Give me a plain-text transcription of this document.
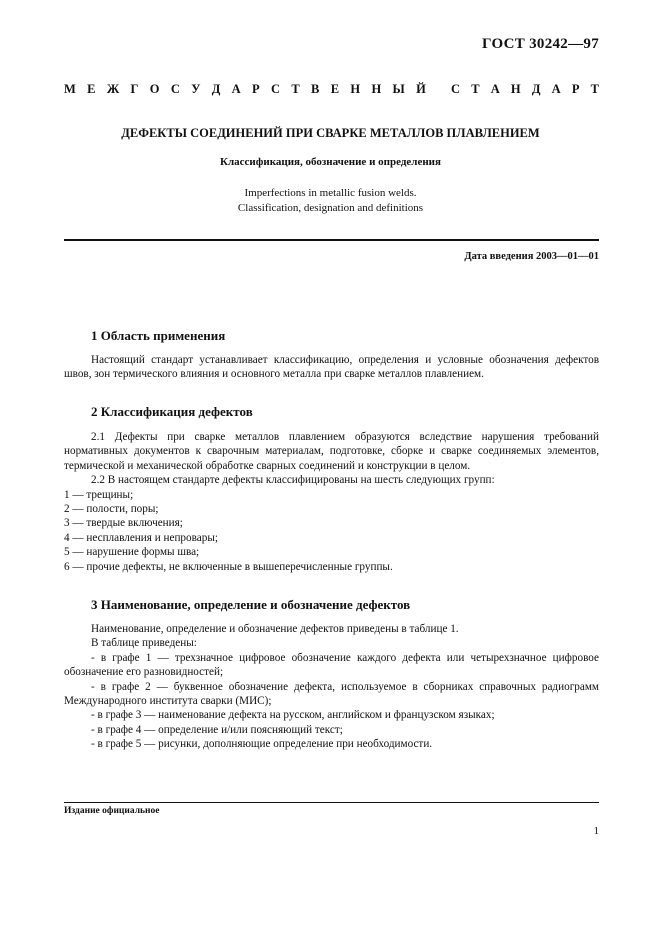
ГОСТ 30242—97
М Е Ж Г О С У Д А Р С Т В Е Н Н Ы Й С Т А Н Д А Р Т
ДЕФЕКТЫ СОЕДИНЕНИЙ ПРИ СВАРКЕ МЕТАЛЛОВ ПЛАВЛЕНИЕМ
Классификация, обозначение и определения
Imperfections in metallic fusion welds.
Classification, designation and definitions
Дата введения 2003—01—01
1 Область применения

Настоящий стандарт устанавливает классификацию, определения и условные обозначения дефектов швов, зон термического влияния и основного металла при сварке металлов плавлением.

2 Классификация дефектов

2.1 Дефекты при сварке металлов плавлением образуются вследствие нарушения требований нормативных документов к сварочным материалам, подготовке, сборке и сварке соединяемых элементов, термической и механической обработке сварных соединений и конструкции в целом.

2.2 В настоящем стандарте дефекты классифицированы на шесть следующих групп:

1 — трещины;

2 — полости, поры;

3 — твердые включения;

4 — несплавления и непровары;

5 — нарушение формы шва;

6 — прочие дефекты, не включенные в вышеперечисленные группы.

3 Наименование, определение и обозначение дефектов

Наименование, определение и обозначение дефектов приведены в таблице 1.

В таблице приведены:

- в графе 1 — трехзначное цифровое обозначение каждого дефекта или четырехзначное цифровое обозначение его разновидностей;

- в графе 2 — буквенное обозначение дефекта, используемое в сборниках справочных радиограмм Международного института сварки (МИС);

- в графе 3 — наименование дефекта на русском, английском и французском языках;

- в графе 4 — определение и/или поясняющий текст;

- в графе 5 — рисунки, дополняющие определение при необходимости.

Издание официальное
1
